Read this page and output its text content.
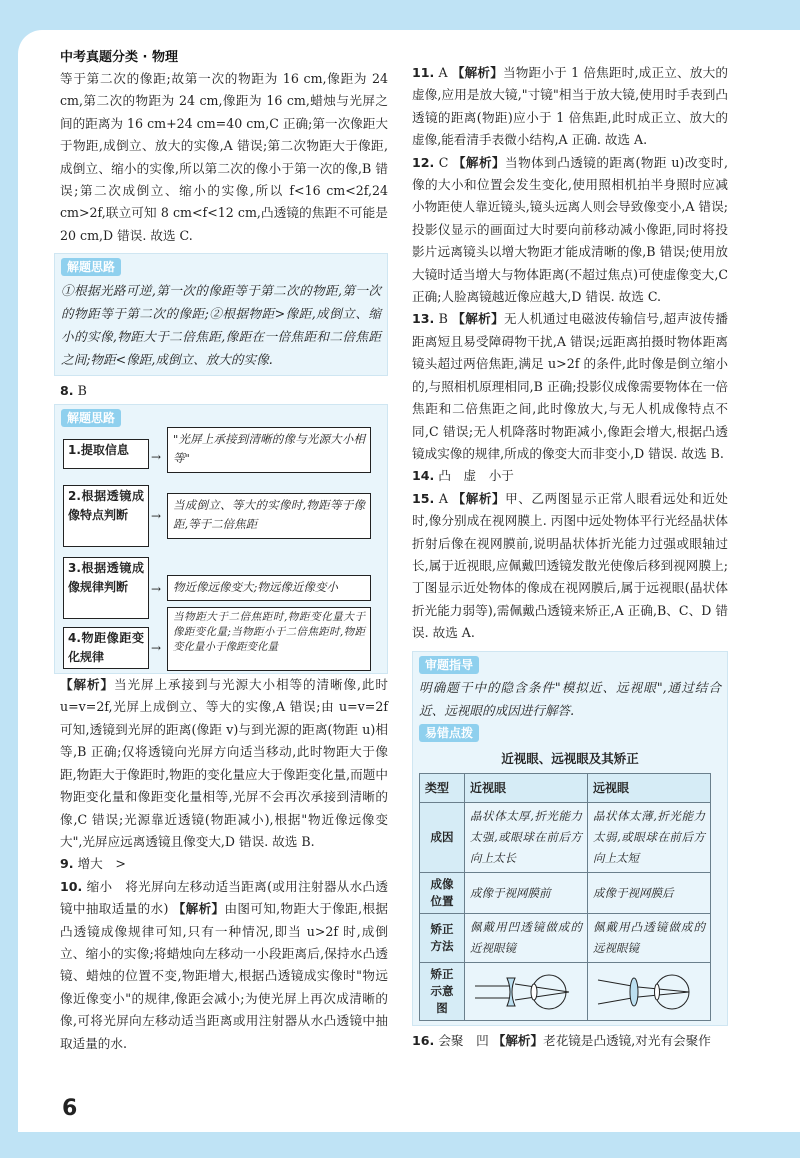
中考真题分类 · 物理

等于第二次的像距;故第一次的物距为 16 cm,像距为 24 cm,第二次的物距为 24 cm,像距为 16 cm,蜡烛与光屏之间的距离为 16 cm+24 cm=40 cm,C 正确;第一次像距大于物距,成倒立、放大的实像,A 错误;第二次物距大于像距,成倒立、缩小的实像,所以第二次的像小于第一次的像,B 错误;第二次成倒立、缩小的实像,所以 f<16 cm<2f,24 cm>2f,联立可知 8 cm<f<12 cm,凸透镜的焦距不可能是 20 cm,D 错误. 故选 C.

解题思路
①根据光路可逆,第一次的像距等于第二次的物距,第一次的物距等于第二次的像距;②根据物距>像距,成倒立、缩小的实像,物距大于二倍焦距,像距在一倍焦距和二倍焦距之间;物距<像距,成倒立、放大的实像.

8. B

解题思路
1.提取信息	→
"光屏上承接到清晰的像与光源大小相等"
2.根据透镜成像特点判断	→
当成倒立、等大的实像时,物距等于像距,等于二倍焦距
3.根据透镜成像规律判断	→	物近像远像变大;物远像近像变小
4.物距像距变化规律
→
当物距大于二倍焦距时,物距变化量大于像距变化量;当物距小于二倍焦距时,物距变化量小于像距变化量

【解析】当光屏上承接到与光源大小相等的清晰像,此时 u=v=2f,光屏上成倒立、等大的实像,A 错误;由 u=v=2f 可知,透镜到光屏的距离(像距 v)与到光源的距离(物距 u)相等,B 正确;仅将透镜向光屏方向适当移动,此时物距大于像距,物距大于像距时,物距的变化量应大于像距变化量,而题中物距变化量和像距变化量相等,光屏不会再次承接到清晰的像,C 错误;光源靠近透镜(物距减小),根据"物近像远像变大",光屏应远离透镜且像变大,D 错误. 故选 B.

9. 增大　>

10. 缩小　将光屏向左移动适当距离(或用注射器从水凸透镜中抽取适量的水) 【解析】由图可知,物距大于像距,根据凸透镜成像规律可知,只有一种情况,即当 u>2f 时,成倒立、缩小的实像;将蜡烛向左移动一小段距离后,保持水凸透镜、蜡烛的位置不变,物距增大,根据凸透镜成实像时"物远像近像变小"的规律,像距会减小;为使光屏上再次成清晰的像,可将光屏向左移动适当距离或用注射器从水凸透镜中抽取适量的水.

11. A 【解析】当物距小于 1 倍焦距时,成正立、放大的虚像,应用是放大镜,"寸镜"相当于放大镜,使用时手表到凸透镜的距离(物距)应小于 1 倍焦距,此时成正立、放大的虚像,能看清手表微小结构,A 正确. 故选 A.

12. C 【解析】当物体到凸透镜的距离(物距 u)改变时,像的大小和位置会发生变化,使用照相机拍半身照时应减小物距使人靠近镜头,镜头远离人则会导致像变小,A 错误;投影仪显示的画面过大时要向前移动减小像距,同时将投影片远离镜头以增大物距才能成清晰的像,B 错误;使用放大镜时适当增大与物体距离(不超过焦点)可使虚像变大,C 正确;人脸离镜越近像应越大,D 错误. 故选 C.

13. B 【解析】无人机通过电磁波传输信号,超声波传播距离短且易受障碍物干扰,A 错误;远距离拍摄时物体距离镜头超过两倍焦距,满足 u>2f 的条件,此时像是倒立缩小的,与照相机原理相同,B 正确;投影仪成像需要物体在一倍焦距和二倍焦距之间,此时像放大,与无人机成像特点不同,C 错误;无人机降落时物距减小,像距会增大,根据凸透镜成实像的规律,所成的像变大而非变小,D 错误. 故选 B.

14. 凸　虚　小于

15. A 【解析】甲、乙两图显示正常人眼看远处和近处时,像分别成在视网膜上. 丙图中远处物体平行光经晶状体折射后像在视网膜前,说明晶状体折光能力过强或眼轴过长,属于近视眼,应佩戴凹透镜发散光使像后移到视网膜上;丁图显示近处物体的像成在视网膜后,属于远视眼(晶状体折光能力弱等),需佩戴凸透镜来矫正,A 正确,B、C、D 错误. 故选 A.

审题指导
明确题干中的隐含条件"模拟近、远视眼",通过结合近、远视眼的成因进行解答.
易错点拨
近视眼、远视眼及其矫正
类型	近视眼	远视眼
成因	晶状体太厚,折光能力太强,或眼球在前后方向上太长	晶状体太薄,折光能力太弱,或眼球在前后方向上太短
成像位置	成像于视网膜前	成像于视网膜后
矫正方法	佩戴用凹透镜做成的近视眼镜	佩戴用凸透镜做成的远视眼镜
矫正示意图	

16. 会聚　凹 【解析】老花镜是凸透镜,对光有会聚作

6
